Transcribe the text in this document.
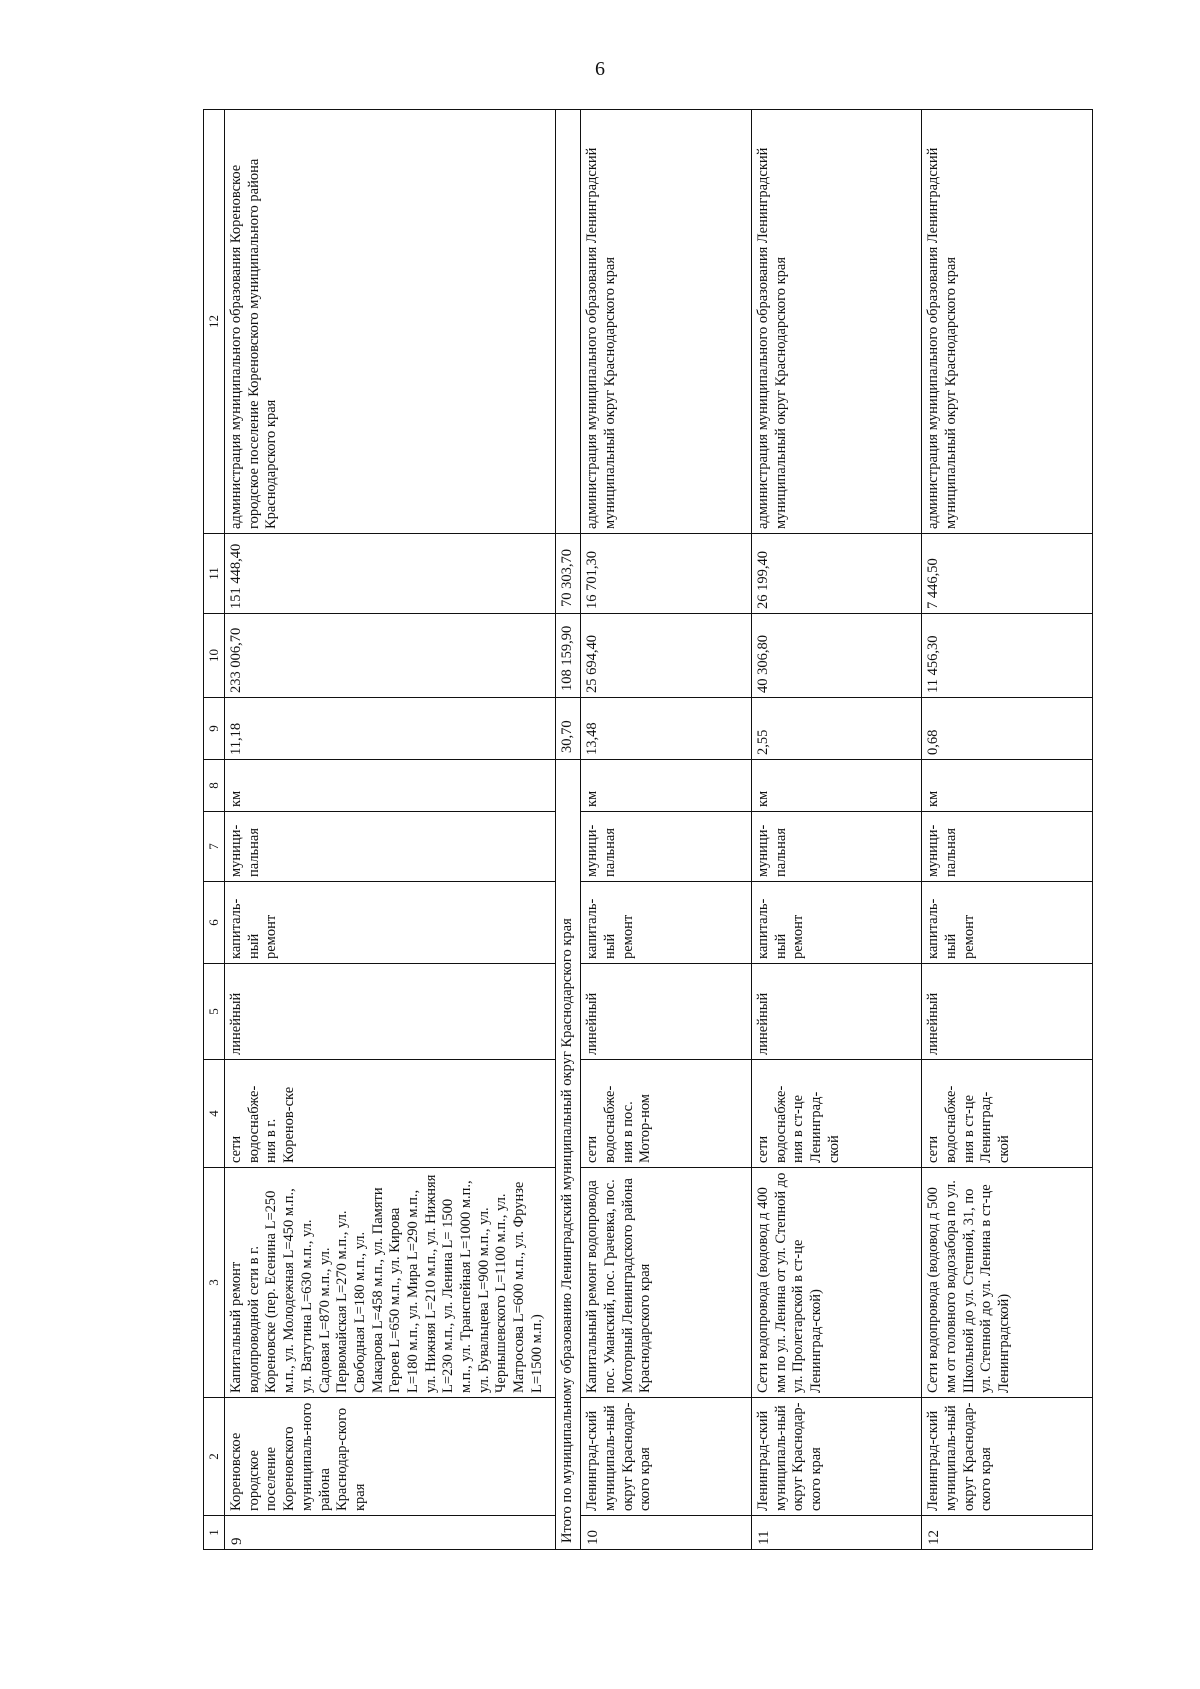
6
1	2	3	4	5	6	7	8	9	10	11	12
9	Кореновское городское поселение Кореновского муниципаль-ного района Краснодар-ского края	Капитальный ремонт водопроводной сети в г. Кореновске (пер. Есенина L=250 м.п., ул. Молодежная L=450 м.п., ул. Ватутина L=630 м.п., ул. Садовая L=870 м.п., ул. Первомайская L=270 м.п., ул. Свободная L=180 м.п., ул. Макарова L=458 м.п., ул. Памяти Героев L=650 м.п., ул. Кирова L=180 м.п., ул. Мира L=290 м.п., ул. Нижняя L=210 м.п., ул. Нижняя L=230 м.п., ул. Ленина L= 1500 м.п., ул. Транспейная L=1000 м.п., ул. Бувальцева L=900 м.п., ул. Чернышевского L=1100 м.п., ул. Матросова L=600 м.п., ул. Фрунзе L=1500 м.п.)	сети водоснабже-ния в г. Коренов-ске	линейный	капиталь-ный ремонт	муници-пальная	км	11,18	233 006,70	151 448,40	администрация муниципального образования Кореновское городское поселение Кореновского муниципального района Краснодарского края
Итого по муниципальному образованию Ленинградский муниципальный округ Краснодарского края								30,70	108 159,90	70 303,70	
10	Ленинград-ский муниципаль-ный округ Краснодар-ского края	Капитальный ремонт водопровода пос. Уманский, пос. Грачевка, пос. Моторный Ленинградского района Краснодарского края	сети водоснабже-ния в пос. Мотор-ном	линейный	капиталь-ный ремонт	муници-пальная	км	13,48	25 694,40	16 701,30	администрация муниципального образования Ленинградский муниципальный округ Краснодарского края
11	Ленинград-ский муниципаль-ный округ Краснодар-ского края	Сети водопровода (водовод д 400 мм по ул. Ленина от ул. Степной до ул. Пролетарской в ст-це Ленинград-ской)	сети водоснабже-ния в ст-це Ленинград-ской	линейный	капиталь-ный ремонт	муници-пальная	км	2,55	40 306,80	26 199,40	администрация муниципального образования Ленинградский муниципальный округ Краснодарского края
12	Ленинград-ский муниципаль-ный округ Краснодар-ского края	Сети водопровода (водовод д 500 мм от головного водозабора по ул. Школьной до ул. Степной, 31, по ул. Степной до ул. Ленина в ст-це Ленинградской)	сети водоснабже-ния в ст-це Ленинград-ской	линейный	капиталь-ный ремонт	муници-пальная	км	0,68	11 456,30	7 446,50	администрация муниципального образования Ленинградский муниципальный округ Краснодарского края
